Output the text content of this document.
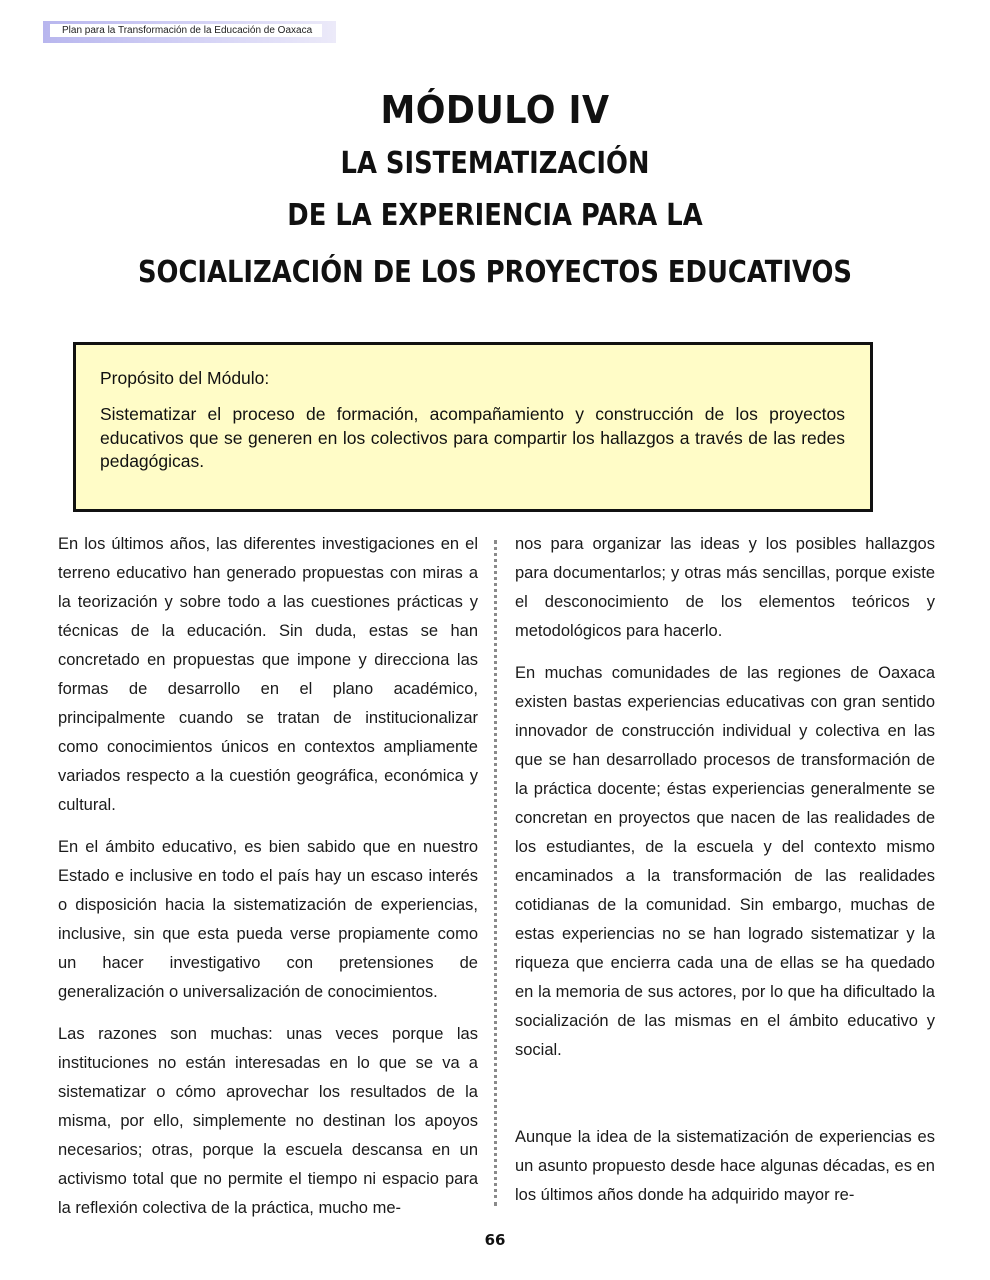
Plan para la Transformación de la Educación de Oaxaca
MÓDULO IV
LA SISTEMATIZACIÓN
DE LA EXPERIENCIA PARA LA
SOCIALIZACIÓN DE LOS PROYECTOS EDUCATIVOS
Propósito del Módulo:
Sistematizar el proceso de formación, acompañamiento y construcción de los proyectos educativos que se generen en los colectivos para compartir los hallazgos a través de las redes pedagógicas.

En los últimos años, las diferentes investigaciones en el terreno educativo han generado propuestas con miras a la teorización y sobre todo a las cuestiones prácticas y técnicas de la educación. Sin duda, estas se han concretado en propuestas que impone y direcciona las formas de desarrollo en el plano académico, principalmente cuando se tratan de institucionalizar como conocimientos únicos en contextos ampliamente variados respecto a la cuestión geográfica, económica y cultural.

En el ámbito educativo, es bien sabido que en nuestro Estado e inclusive en todo el país hay un escaso interés o disposición hacia la sistematización de experiencias, inclusive, sin que esta pueda verse propiamente como un hacer investigativo con pretensiones de generalización o universalización de conocimientos.

Las razones son muchas: unas veces porque las instituciones no están interesadas en lo que se va a sistematizar o cómo aprovechar los resultados de la misma, por ello, simplemente no destinan los apoyos necesarios; otras, porque la escuela descansa en un activismo total que no permite el tiempo ni espacio para la reflexión colectiva de la práctica, mucho me-

nos para organizar las ideas y los posibles hallazgos para documentarlos; y otras más sencillas, porque existe el desconocimiento de los elementos teóricos y metodológicos para hacerlo.

En muchas comunidades de las regiones de Oaxaca existen bastas experiencias educativas con gran sentido innovador de construcción individual y colectiva en las que se han desarrollado procesos de transformación de la práctica docente; éstas experiencias generalmente se concretan en proyectos que nacen de las realidades de los estudiantes, de la escuela y del contexto mismo encaminados a la transformación de las realidades cotidianas de la comunidad. Sin embargo, muchas de estas experiencias no se han logrado sistematizar y la riqueza que encierra cada una de ellas se ha quedado en la memoria de sus actores, por lo que ha dificultado la socialización de las mismas en el ámbito educativo y social.

Aunque la idea de la sistematización de experiencias es un asunto propuesto desde hace algunas décadas, es en los últimos años donde ha adquirido mayor re-

66
